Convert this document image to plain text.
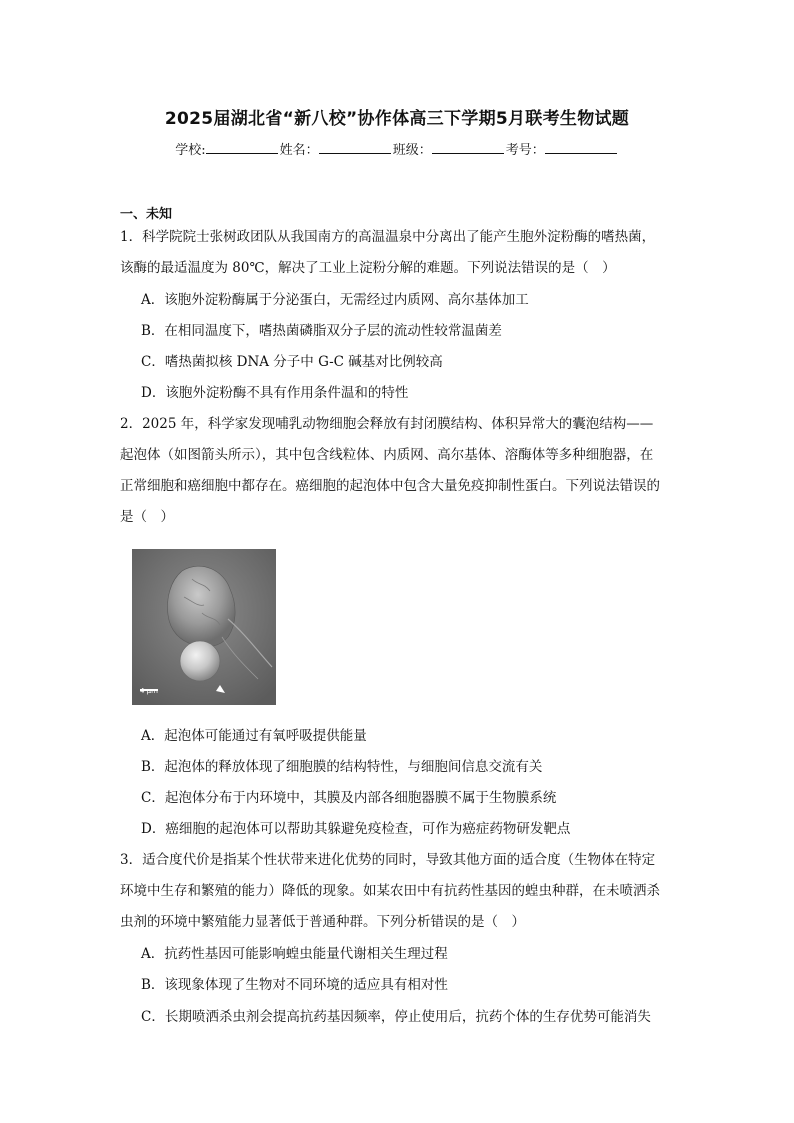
2025届湖北省“新八校”协作体高三下学期5月联考生物试题
学校:	姓名：	班级：	考号：
一、未知
1．科学院院士张树政团队从我国南方的高温温泉中分离出了能产生胞外淀粉酶的嗜热菌，
该酶的最适温度为 80℃，解决了工业上淀粉分解的难题。下列说法错误的是（　）
A．该胞外淀粉酶属于分泌蛋白，无需经过内质网、高尔基体加工
B．在相同温度下，嗜热菌磷脂双分子层的流动性较常温菌差
C．嗜热菌拟核 DNA 分子中 G-C 碱基对比例较高
D．该胞外淀粉酶不具有作用条件温和的特性
2．2025 年，科学家发现哺乳动物细胞会释放有封闭膜结构、体积异常大的囊泡结构——
起泡体（如图箭头所示），其中包含线粒体、内质网、高尔基体、溶酶体等多种细胞器，在
正常细胞和癌细胞中都存在。癌细胞的起泡体中包含大量免疫抑制性蛋白。下列说法错误的
是（　）
4 μm
A．起泡体可能通过有氧呼吸提供能量
B．起泡体的释放体现了细胞膜的结构特性，与细胞间信息交流有关
C．起泡体分布于内环境中，其膜及内部各细胞器膜不属于生物膜系统
D．癌细胞的起泡体可以帮助其躲避免疫检查，可作为癌症药物研发靶点
3．适合度代价是指某个性状带来进化优势的同时，导致其他方面的适合度（生物体在特定
环境中生存和繁殖的能力）降低的现象。如某农田中有抗药性基因的蝗虫种群，在未喷洒杀
虫剂的环境中繁殖能力显著低于普通种群。下列分析错误的是（　）
A．抗药性基因可能影响蝗虫能量代谢相关生理过程
B．该现象体现了生物对不同环境的适应具有相对性
C．长期喷洒杀虫剂会提高抗药基因频率，停止使用后，抗药个体的生存优势可能消失
